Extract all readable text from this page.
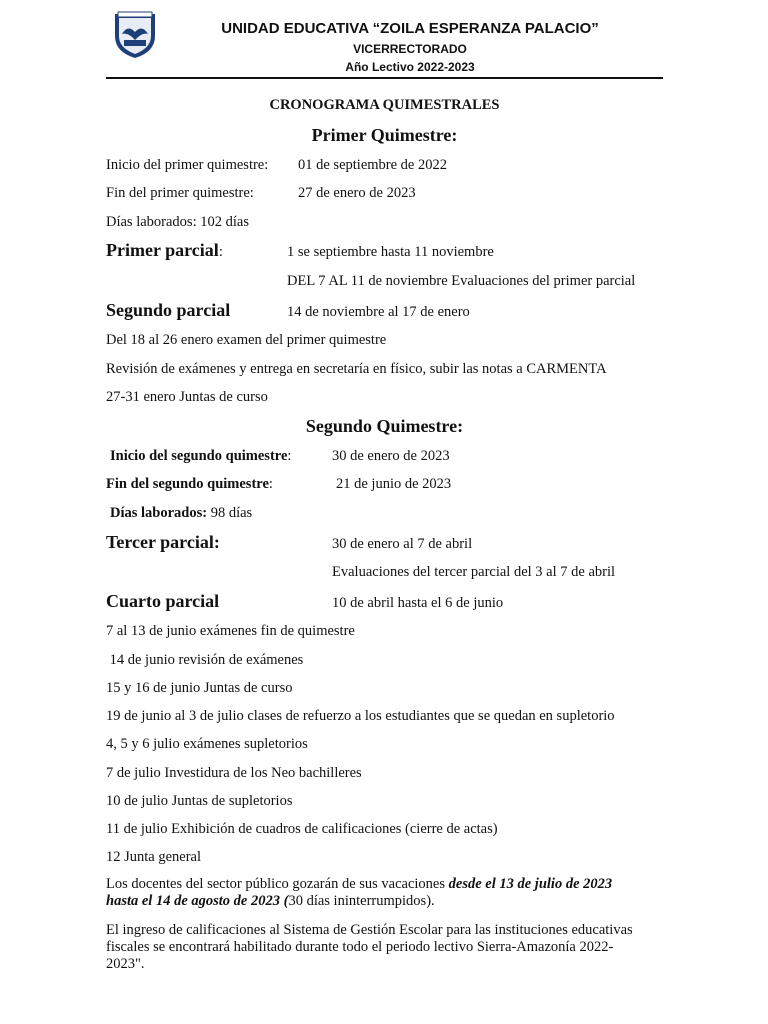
UNIDAD EDUCATIVA “ZOILA ESPERANZA PALACIO”
VICERRECTORADO
Año Lectivo 2022-2023
CRONOGRAMA QUIMESTRALES
Primer Quimestre:
Inicio del primer quimestre: 01 de septiembre de 2022
Fin del primer quimestre:	27 de enero de 2023
Días laborados: 102 días
Primer parcial:	1 se septiembre hasta 11 noviembre
DEL 7 AL 11 de noviembre Evaluaciones del primer parcial
Segundo parcial	14 de noviembre al 17 de enero
Del 18 al 26 enero examen del primer quimestre
Revisión de exámenes y entrega en secretaría en físico, subir las notas a CARMENTA
27-31 enero Juntas de curso
Segundo Quimestre:
Inicio del segundo quimestre:	30 de enero de 2023
Fin del segundo quimestre:	21 de junio de 2023
Días laborados: 98 días
Tercer parcial:	30 de enero al 7 de abril
Evaluaciones del tercer parcial del 3 al 7 de abril
Cuarto parcial	10 de abril hasta el 6 de junio
7 al 13 de junio exámenes fin de quimestre
14 de junio revisión de exámenes
15 y 16 de junio Juntas de curso
19 de junio al 3 de julio clases de refuerzo a los estudiantes que se quedan en supletorio
4, 5 y 6 julio exámenes supletorios
7 de julio Investidura de los Neo bachilleres
10 de julio Juntas de supletorios
11 de julio Exhibición de cuadros de calificaciones (cierre de actas)
12 Junta general
Los docentes del sector público gozarán de sus vacaciones desde el 13 de julio de 2023 hasta el 14 de agosto de 2023 (30 días ininterrumpidos).
El ingreso de calificaciones al Sistema de Gestión Escolar para las instituciones educativas fiscales se encontrará habilitado durante todo el periodo lectivo Sierra-Amazonía 2022-2023".
